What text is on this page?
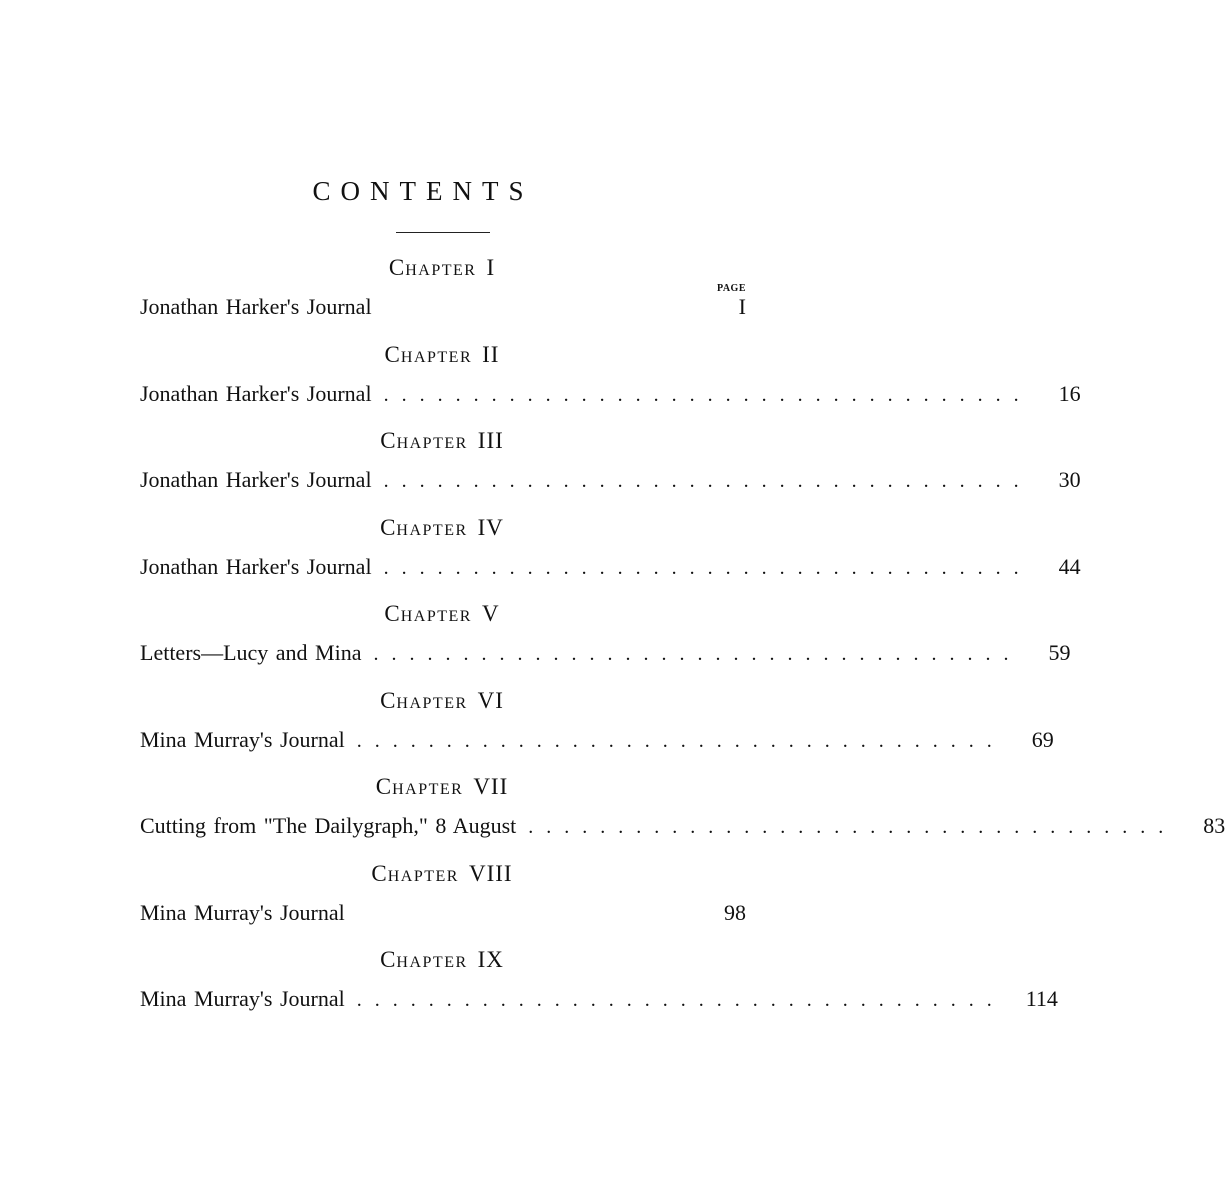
CONTENTS
PAGE
CHAPTER I
Jonathan Harker's Journal	I
CHAPTER II
Jonathan Harker's Journal . . . . . . . . . . . . . . . . . . . . . . . . . . . . . . . . . . . . 16
CHAPTER III
Jonathan Harker's Journal . . . . . . . . . . . . . . . . . . . . . . . . . . . . . . . . . . . . 30
CHAPTER IV
Jonathan Harker's Journal . . . . . . . . . . . . . . . . . . . . . . . . . . . . . . . . . . . . 44
CHAPTER V
Letters—Lucy and Mina . . . . . . . . . . . . . . . . . . . . . . . . . . . . . . . . . . . . 59
CHAPTER VI
Mina Murray's Journal . . . . . . . . . . . . . . . . . . . . . . . . . . . . . . . . . . . . 69
CHAPTER VII
Cutting from "The Dailygraph," 8 August . . . . . . . . . . . . . . . . . . . . . . . . . . . . . . . . . . . . 83
CHAPTER VIII
Mina Murray's Journal	98
CHAPTER IX
Mina Murray's Journal . . . . . . . . . . . . . . . . . . . . . . . . . . . . . . . . . . . . 114
